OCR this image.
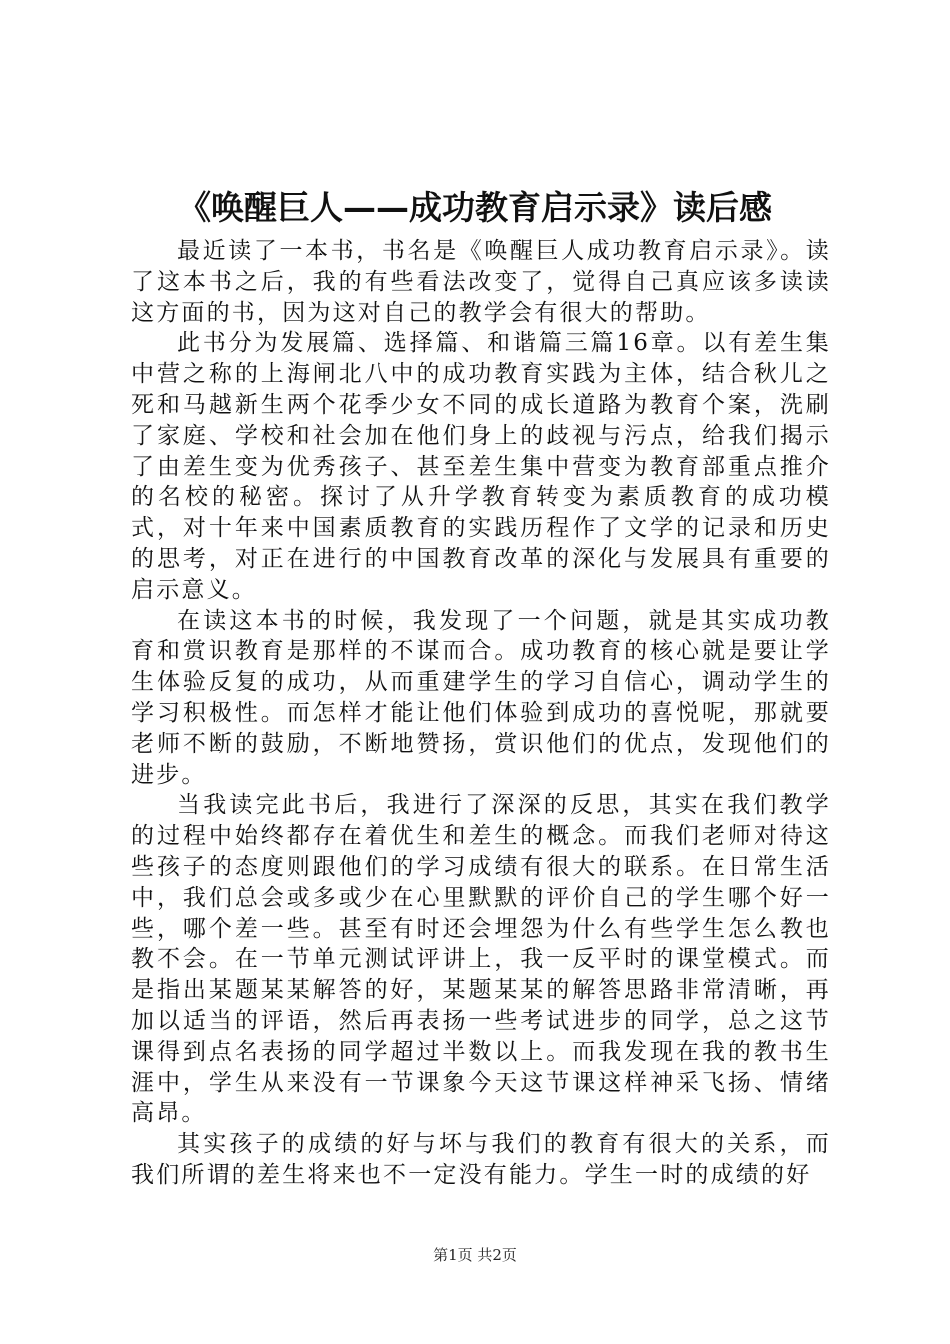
《唤醒巨人——成功教育启示录》读后感

最近读了一本书，书名是《唤醒巨人成功教育启示录》。读了这本书之后，我的有些看法改变了，觉得自己真应该多读读这方面的书，因为这对自己的教学会有很大的帮助。

此书分为发展篇、选择篇、和谐篇三篇16章。以有差生集中营之称的上海闸北八中的成功教育实践为主体，结合秋儿之死和马越新生两个花季少女不同的成长道路为教育个案，洗刷了家庭、学校和社会加在他们身上的歧视与污点，给我们揭示了由差生变为优秀孩子、甚至差生集中营变为教育部重点推介的名校的秘密。探讨了从升学教育转变为素质教育的成功模式，对十年来中国素质教育的实践历程作了文学的记录和历史的思考，对正在进行的中国教育改革的深化与发展具有重要的启示意义。

在读这本书的时候，我发现了一个问题，就是其实成功教育和赏识教育是那样的不谋而合。成功教育的核心就是要让学生体验反复的成功，从而重建学生的学习自信心，调动学生的学习积极性。而怎样才能让他们体验到成功的喜悦呢，那就要老师不断的鼓励，不断地赞扬，赏识他们的优点，发现他们的进步。

当我读完此书后，我进行了深深的反思，其实在我们教学的过程中始终都存在着优生和差生的概念。而我们老师对待这些孩子的态度则跟他们的学习成绩有很大的联系。在日常生活中，我们总会或多或少在心里默默的评价自己的学生哪个好一些，哪个差一些。甚至有时还会埋怨为什么有些学生怎么教也教不会。在一节单元测试评讲上，我一反平时的课堂模式。而是指出某题某某解答的好，某题某某的解答思路非常清晰，再加以适当的评语，然后再表扬一些考试进步的同学，总之这节课得到点名表扬的同学超过半数以上。而我发现在我的教书生涯中，学生从来没有一节课象今天这节课这样神采飞扬、情绪高昂。

其实孩子的成绩的好与坏与我们的教育有很大的关系，而我们所谓的差生将来也不一定没有能力。学生一时的成绩的好

第1页 共2页
